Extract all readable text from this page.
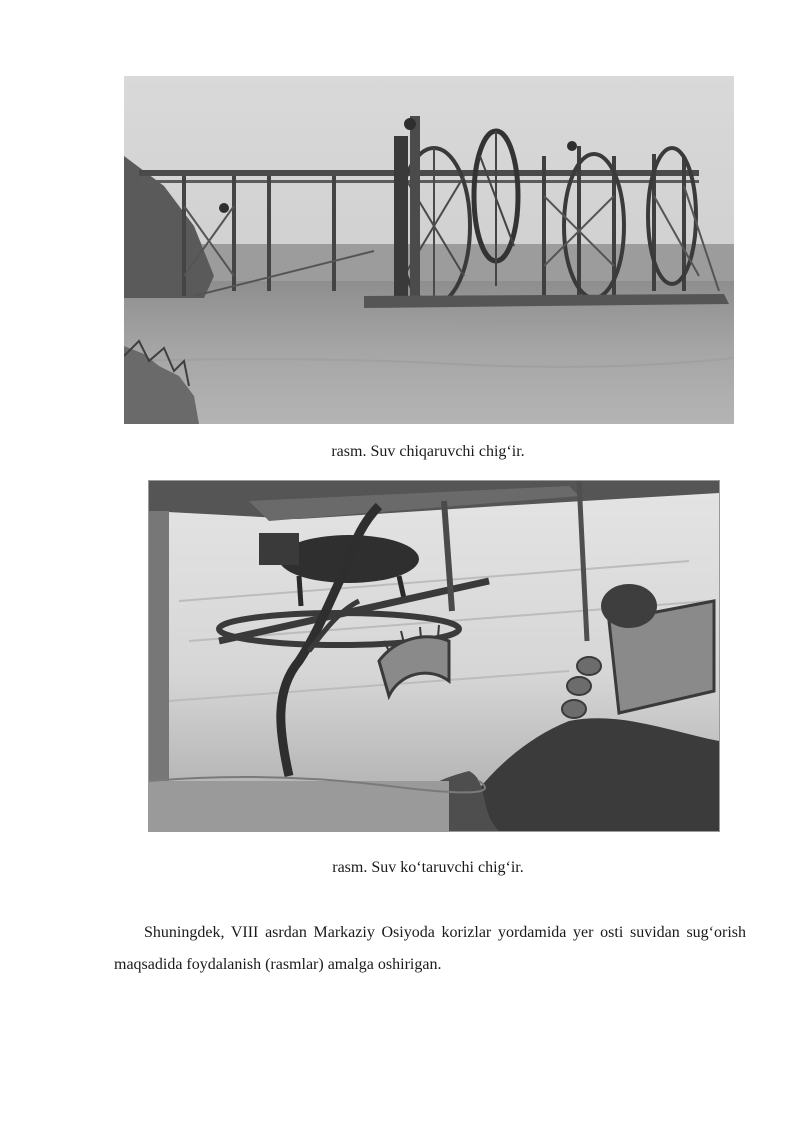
rasm. Suv chiqaruvchi chig‘ir.
rasm. Suv ko‘taruvchi chig‘ir.

Shuningdek, VIII asrdan Markaziy Osiyoda korizlar yordamida yer osti suvidan sug‘orish maqsadida foydalanish (rasmlar) amalga oshirigan.
